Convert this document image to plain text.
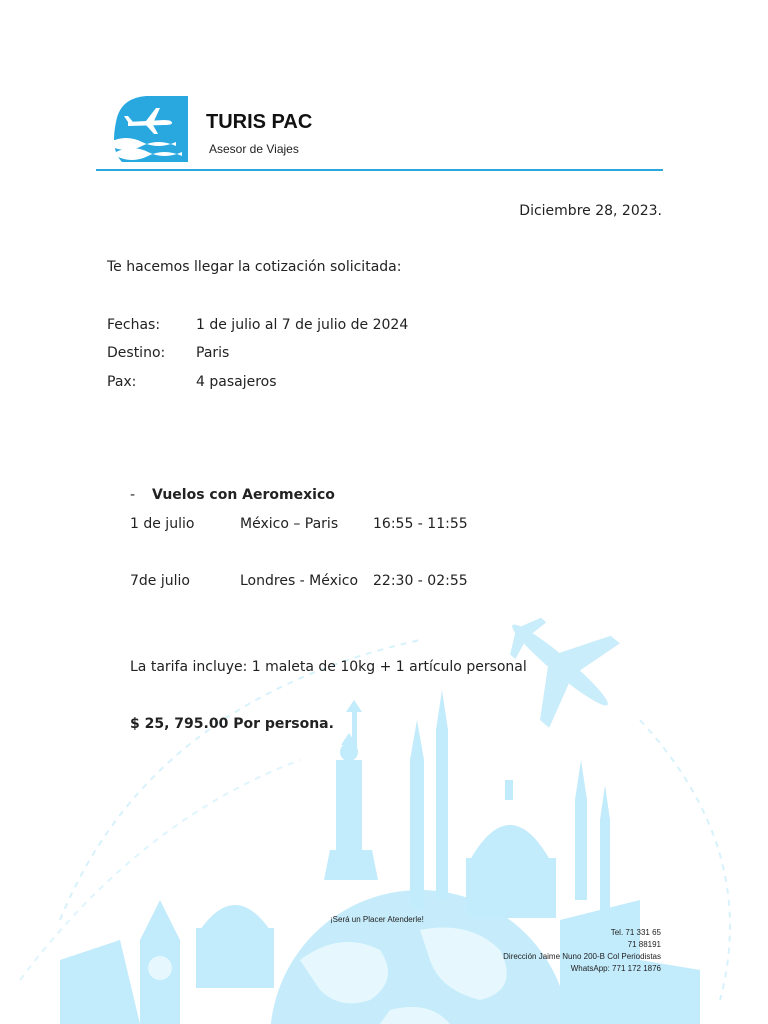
TURIS PAC
Asesor de Viajes
Diciembre 28, 2023.
Te hacemos llegar la cotización solicitada:
Fechas:	1 de julio al 7 de julio de 2024
Destino: Paris
Pax:	4 pasajeros
- Vuelos con Aeromexico
1 de julio	México – Paris 16:55 - 11:55
7de julio	Londres - México 22:30 - 02:55
La tarifa incluye: 1 maleta de 10kg + 1 artículo personal
$ 25, 795.00 Por persona.
¡Será un Placer Atenderle!
Tel. 71 331 65
71 88191
Dirección Jaime Nuno 200-B Col Periodistas
WhatsApp: 771 172 1876
